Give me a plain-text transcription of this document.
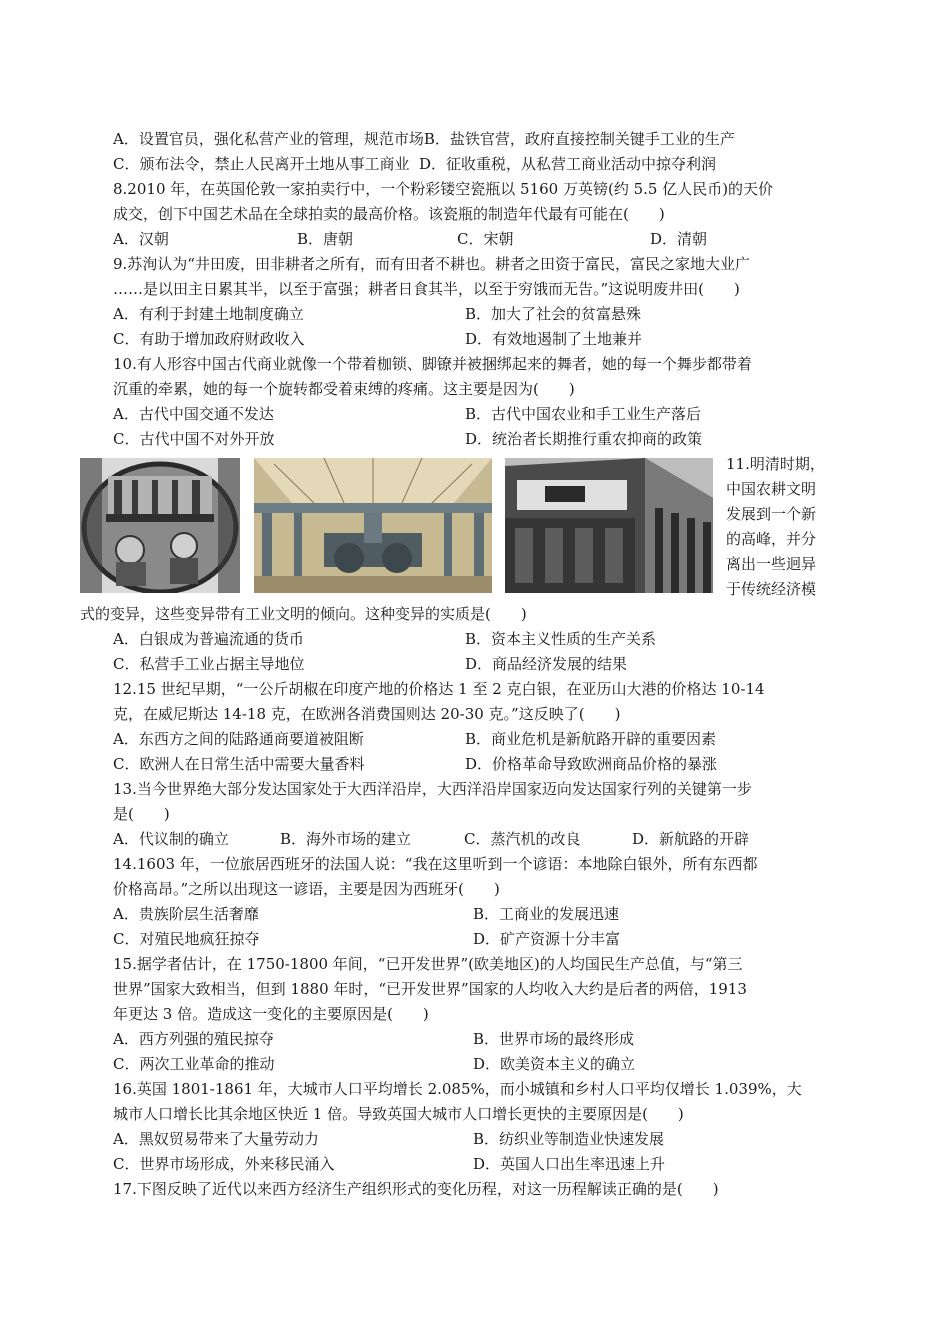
A．设置官员，强化私营产业的管理，规范市场B．盐铁官营，政府直接控制关键手工业的生产
C．颁布法令，禁止人民离开土地从事工商业 D．征收重税，从私营工商业活动中掠夺利润
8.2010 年，在英国伦敦一家拍卖行中，一个粉彩镂空瓷瓶以 5160 万英镑(约 5.5 亿人民币)的天价
成交，创下中国艺术品在全球拍卖的最高价格。该瓷瓶的制造年代最有可能在(　　)
A．汉朝	B．唐朝	C．宋朝	D．清朝
9.苏洵认为“井田废，田非耕者之所有，而有田者不耕也。耕者之田资于富民，富民之家地大业广
……是以田主日累其半，以至于富强；耕者日食其半，以至于穷饿而无告。”这说明废井田(　　)
A．有利于封建土地制度确立	B．加大了社会的贫富悬殊
C．有助于增加政府财政收入	D．有效地遏制了土地兼并
10.有人形容中国古代商业就像一个带着枷锁、脚镣并被捆绑起来的舞者，她的每一个舞步都带着
沉重的牵累，她的每一个旋转都受着束缚的疼痛。这主要是因为(　　)
A．古代中国交通不发达	B．古代中国农业和手工业生产落后
C．古代中国不对外开放	D．统治者长期推行重农抑商的政策
11.明清时期，
中国农耕文明
发展到一个新
的高峰，并分
离出一些迥异
于传统经济模
式的变异，这些变异带有工业文明的倾向。这种变异的实质是(　　)
A．白银成为普遍流通的货币	B．资本主义性质的生产关系
C．私营手工业占据主导地位	D．商品经济发展的结果
12.15 世纪早期，“一公斤胡椒在印度产地的价格达 1 至 2 克白银，在亚历山大港的价格达 10-14
克，在威尼斯达 14-18 克，在欧洲各消费国则达 20-30 克。”这反映了(　　)
A．东西方之间的陆路通商要道被阻断	B．商业危机是新航路开辟的重要因素
C．欧洲人在日常生活中需要大量香料	D．价格革命导致欧洲商品价格的暴涨
13.当今世界绝大部分发达国家处于大西洋沿岸，大西洋沿岸国家迈向发达国家行列的关键第一步
是(　　)
A．代议制的确立	B．海外市场的建立	C．蒸汽机的改良	D．新航路的开辟
14.1603 年，一位旅居西班牙的法国人说：“我在这里听到一个谚语：本地除白银外，所有东西都
价格高昂。”之所以出现这一谚语，主要是因为西班牙(　　)
A．贵族阶层生活奢靡	B．工商业的发展迅速
C．对殖民地疯狂掠夺	D．矿产资源十分丰富
15.据学者估计，在 1750-1800 年间，“已开发世界”(欧美地区)的人均国民生产总值，与“第三
世界”国家大致相当，但到 1880 年时，“已开发世界”国家的人均收入大约是后者的两倍，1913
年更达 3 倍。造成这一变化的主要原因是(　　)
A．西方列强的殖民掠夺	B．世界市场的最终形成
C．两次工业革命的推动	D．欧美资本主义的确立
16.英国 1801-1861 年，大城市人口平均增长 2.085%，而小城镇和乡村人口平均仅增长 1.039%，大
城市人口增长比其余地区快近 1 倍。导致英国大城市人口增长更快的主要原因是(　　)
A．黑奴贸易带来了大量劳动力	B．纺织业等制造业快速发展
C．世界市场形成，外来移民涌入	D．英国人口出生率迅速上升
17.下图反映了近代以来西方经济生产组织形式的变化历程，对这一历程解读正确的是(　　)
